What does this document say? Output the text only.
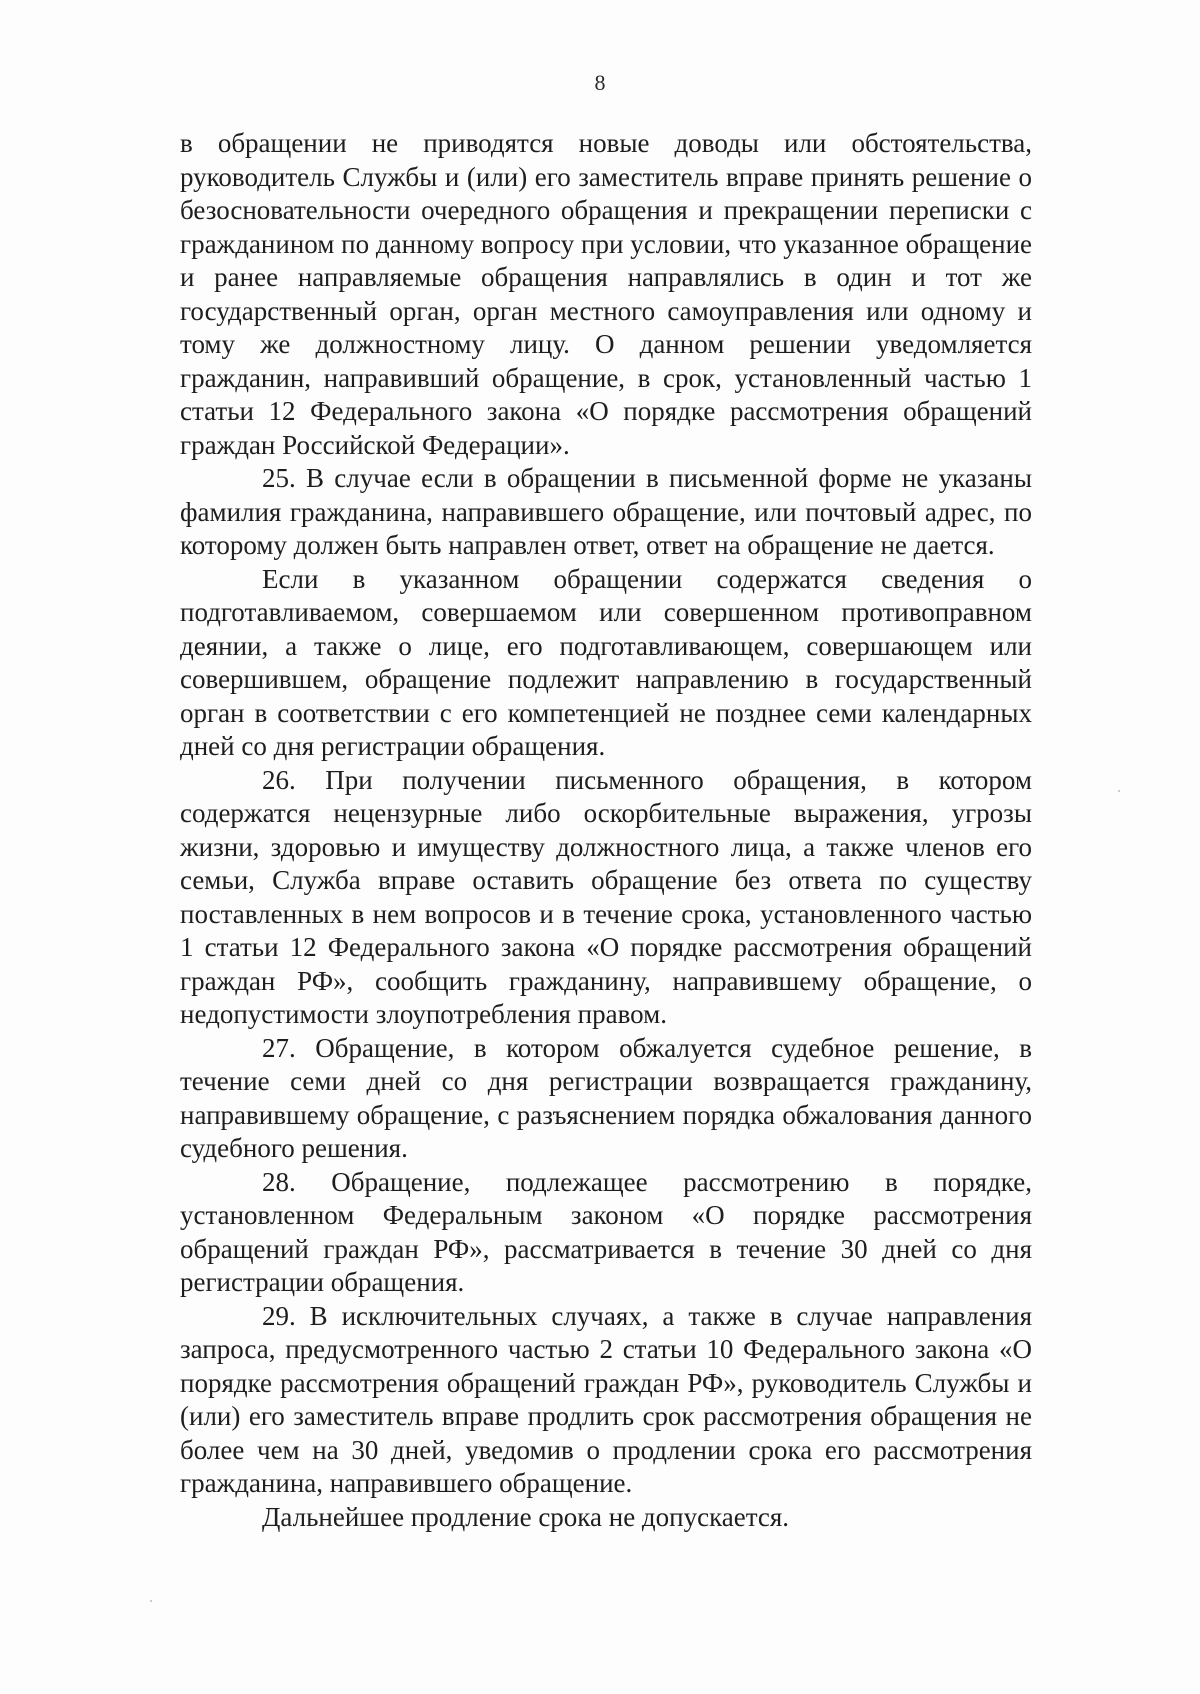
8

в обращении не приводятся новые доводы или обстоятельства, руководитель Службы и (или) его заместитель вправе принять решение о безосновательности очередного обращения и прекращении переписки с гражданином по данному вопросу при условии, что указанное обращение и ранее направляемые обращения направлялись в один и тот же государственный орган, орган местного самоуправления или одному и тому же должностному лицу. О данном решении уведомляется гражданин, направивший обращение, в срок, установленный частью 1 статьи 12 Федерального закона «О порядке рассмотрения обращений граждан Российской Федерации».

25. В случае если в обращении в письменной форме не указаны фамилия гражданина, направившего обращение, или почтовый адрес, по которому должен быть направлен ответ, ответ на обращение не дается.

Если в указанном обращении содержатся сведения о подготавливаемом, совершаемом или совершенном противоправном деянии, а также о лице, его подготавливающем, совершающем или совершившем, обращение подлежит направлению в государственный орган в соответствии с его компетенцией не позднее семи календарных дней со дня регистрации обращения.

26. При получении письменного обращения, в котором содержатся нецензурные либо оскорбительные выражения, угрозы жизни, здоровью и имуществу должностного лица, а также членов его семьи, Служба вправе оставить обращение без ответа по существу поставленных в нем вопросов и в течение срока, установленного частью 1 статьи 12 Федерального закона «О порядке рассмотрения обращений граждан РФ», сообщить гражданину, направившему обращение, о недопустимости злоупотребления правом.

27. Обращение, в котором обжалуется судебное решение, в течение семи дней со дня регистрации возвращается гражданину, направившему обращение, с разъяснением порядка обжалования данного судебного решения.

28. Обращение, подлежащее рассмотрению в порядке, установленном Федеральным законом «О порядке рассмотрения обращений граждан РФ», рассматривается в течение 30 дней со дня регистрации обращения.

29. В исключительных случаях, а также в случае направления запроса, предусмотренного частью 2 статьи 10 Федерального закона «О порядке рассмотрения обращений граждан РФ», руководитель Службы и (или) его заместитель вправе продлить срок рассмотрения обращения не более чем на 30 дней, уведомив о продлении срока его рассмотрения гражданина, направившего обращение.

Дальнейшее продление срока не допускается.
